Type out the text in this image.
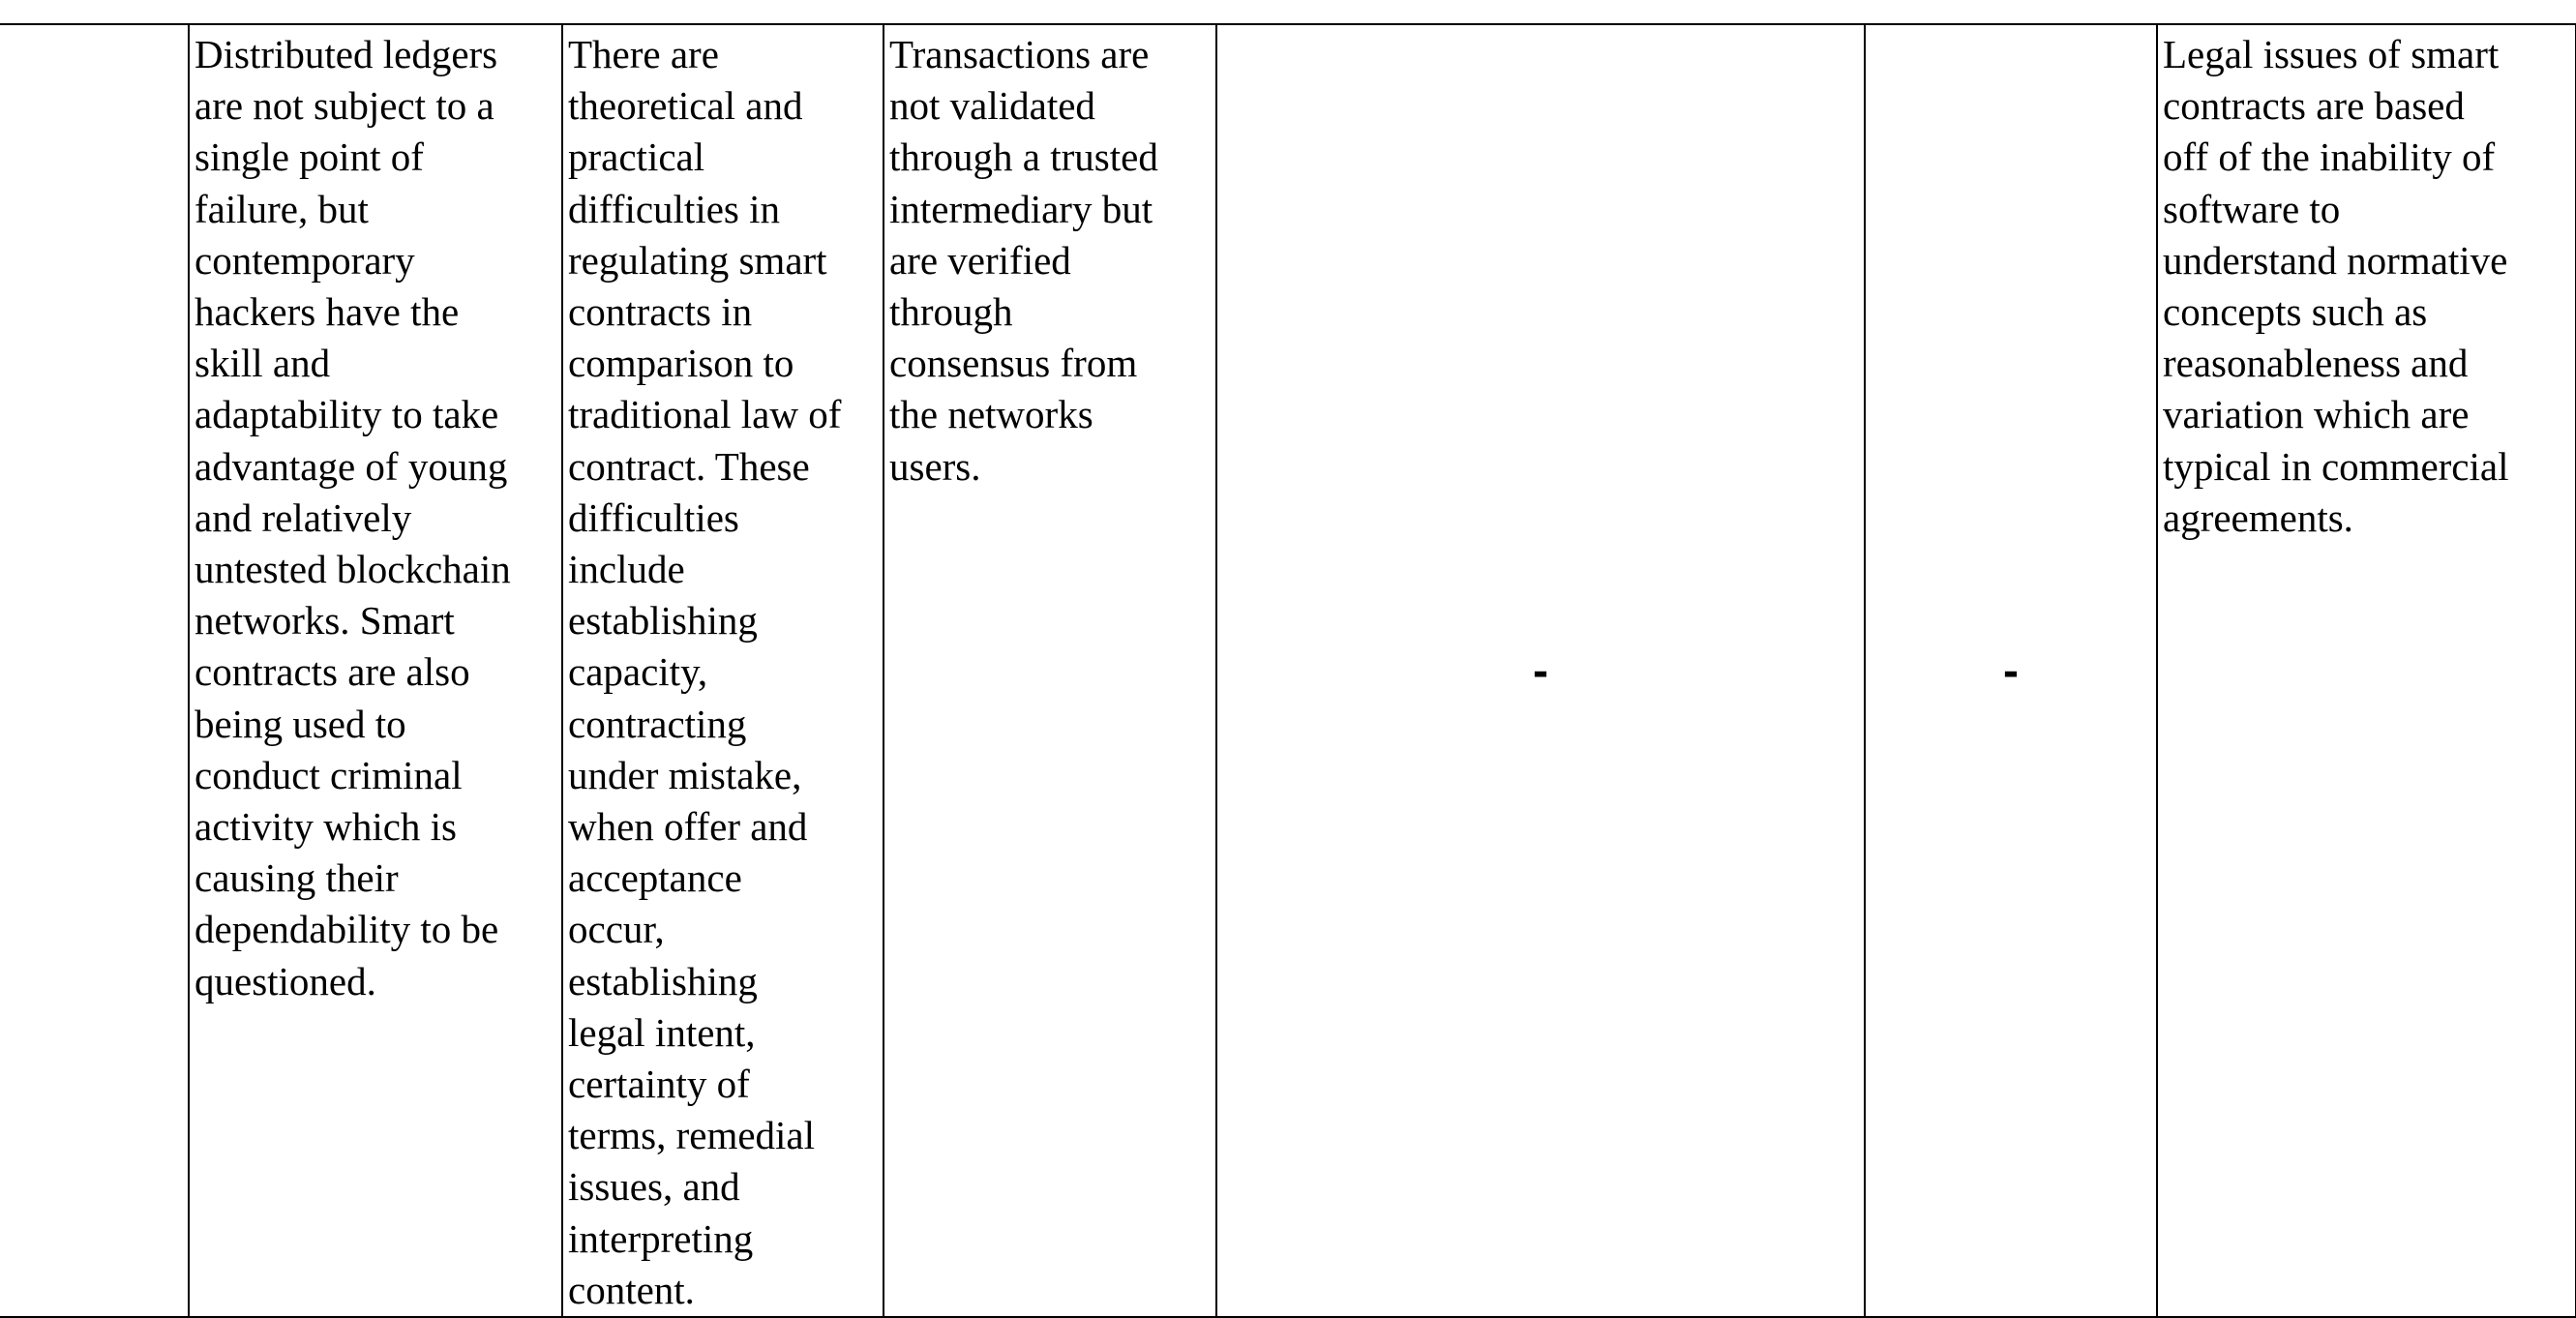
	Distributed ledgers
are not subject to a
single point of
failure, but
contemporary
hackers have the
skill and
adaptability to take
advantage of young
and relatively
untested blockchain
networks. Smart
contracts are also
being used to
conduct criminal
activity which is
causing their
dependability to be
questioned.	There are
theoretical and
practical
difficulties in
regulating smart
contracts in
comparison to
traditional law of
contract. These
difficulties
include
establishing
capacity,
contracting
under mistake,
when offer and
acceptance
occur,
establishing
legal intent,
certainty of
terms, remedial
issues, and
interpreting
content.	Transactions are
not validated
through a trusted
intermediary but
are verified
through
consensus from
the networks
users.	-	-	Legal issues of smart
contracts are based
off of the inability of
software to
understand normative
concepts such as
reasonableness and
variation which are
typical in commercial
agreements.
